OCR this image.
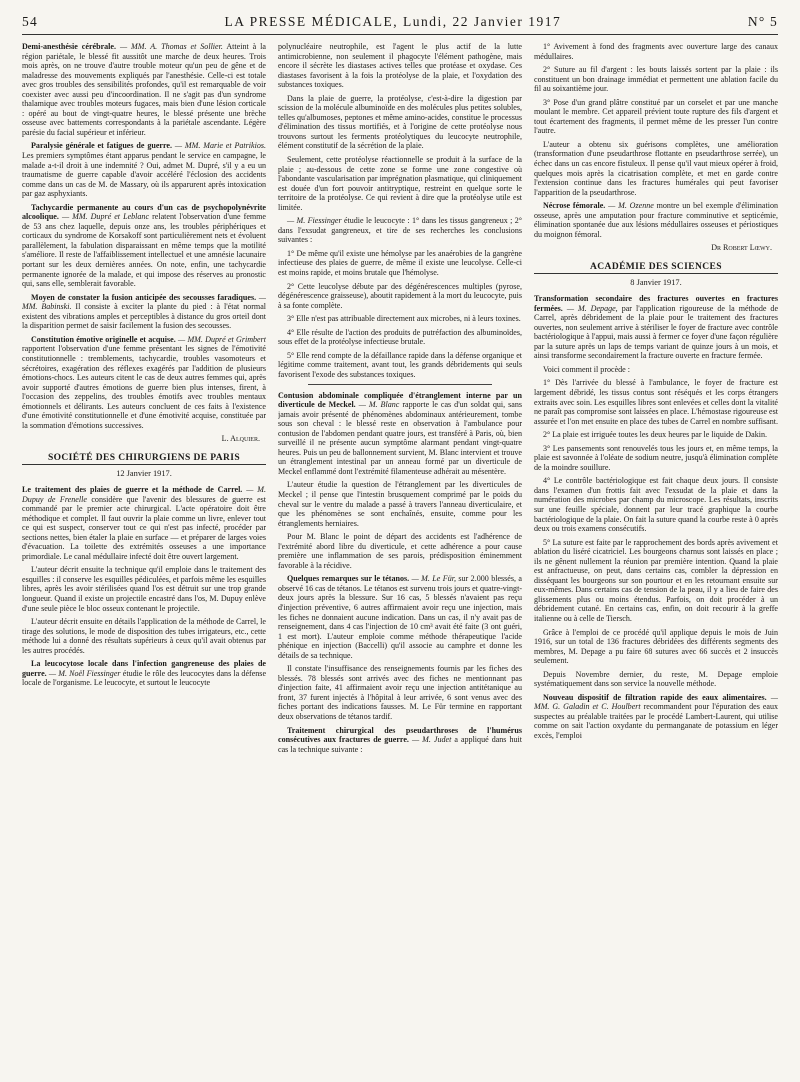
54	LA PRESSE MÉDICALE, Lundi, 22 Janvier 1917	N° 5

Demi-anesthésie cérébrale. — MM. A. Thomas et Sollier. Atteint à la région pariétale, le blessé fit aussitôt une marche de deux heures. Trois mois après, on ne trouve d'autre trouble moteur qu'un peu de gêne et de maladresse des mouvements expliqués par l'anesthésie. Celle-ci est totale avec gros troubles des sensibilités profondes, qu'il est remarquable de voir coexister avec aussi peu d'incoordination. Il ne s'agit pas d'un syndrome thalamique avec troubles moteurs fugaces, mais bien d'une lésion corticale : opéré au bout de vingt-quatre heures, le blessé présente une brèche osseuse avec battements correspondants à la pariétale ascendante. Légère parésie du facial supérieur et inférieur.

Paralysie générale et fatigues de guerre. — MM. Marie et Patrikios. Les premiers symptômes étant apparus pendant le service en campagne, le malade a-t-il droit à une indemnité ? Oui, admet M. Dupré, s'il y a eu un traumatisme de guerre capable d'avoir accéléré l'éclosion des accidents comme dans un cas de M. de Massary, où ils apparurent après intoxication par gaz asphyxiants.

Tachycardie permanente au cours d'un cas de psychopolynévrite alcoolique. — MM. Dupré et Leblanc relatent l'observation d'une femme de 53 ans chez laquelle, depuis onze ans, les troubles périphériques et corticaux du syndrome de Korsakoff sont particulièrement nets et évoluent parallèlement, la fabulation disparaissant en même temps que la motilité s'améliore. Il reste de l'affaiblissement intellectuel et une amnésie lacunaire portant sur les deux dernières années. On note, enfin, une tachycardie permanente ignorée de la malade, et qui impose des réserves au pronostic qui, sans elle, semblerait favorable.

Moyen de constater la fusion anticipée des secousses faradiques. — MM. Babinski. Il consiste à exciter la plante du pied : à l'état normal existent des vibrations amples et perceptibles à distance du gros orteil dont la disparition permet de saisir facilement la fusion des secousses.

Constitution émotive originelle et acquise. — MM. Dupré et Grimbert rapportent l'observation d'une femme présentant les signes de l'émotivité constitutionnelle : tremblements, tachycardie, troubles vasomoteurs et sécrétoires, exagération des réflexes exagérés par l'addition de plusieurs émotions-chocs. Les auteurs citent le cas de deux autres femmes qui, après avoir supporté d'autres émotions de guerre bien plus intenses, firent, à l'occasion des zeppelins, des troubles émotifs avec troubles mentaux émotionnels et délirants. Les auteurs concluent de ces faits à l'existence d'une émotivité constitutionnelle et d'une émotivité acquise, constituée par la sommation d'émotions successives.

L. Alquier.
SOCIÉTÉ DES CHIRURGIENS DE PARIS
12 Janvier 1917.

Le traitement des plaies de guerre et la méthode de Carrel. — M. Dupuy de Frenelle considère que l'avenir des blessures de guerre est commandé par le premier acte chirurgical. L'acte opératoire doit être méthodique et complet. Il faut ouvrir la plaie comme un livre, enlever tout ce qui est suspect, conserver tout ce qui n'est pas infecté, procéder par sections nettes, bien étaler la plaie en surface — et préparer de larges voies d'évacuation. La toilette des extrémités osseuses a une importance primordiale. Le canal médullaire infecté doit être ouvert largement.

L'auteur décrit ensuite la technique qu'il emploie dans le traitement des esquilles : il conserve les esquilles pédiculées, et parfois même les esquilles libres, après les avoir stérilisées quand l'os est détruit sur une trop grande longueur. Quand il existe un projectile encastré dans l'os, M. Dupuy enlève d'une seule pièce le bloc osseux contenant le projectile.

L'auteur décrit ensuite en détails l'application de la méthode de Carrel, le tirage des solutions, le mode de disposition des tubes irrigateurs, etc., cette méthode lui a donné des résultats supérieurs à ceux qu'il avait obtenus par les autres procédés.

La leucocytose locale dans l'infection gangreneuse des plaies de guerre. — M. Noël Fiessinger étudie le rôle des leucocytes dans la défense locale de l'organisme. Le leucocyte, et surtout le leucocyte

polynucléaire neutrophile, est l'agent le plus actif de la lutte antimicrobienne, non seulement il phagocyte l'élément pathogène, mais encore il sécrète les diastases actives telles que protéase et oxydase. Ces diastases favorisent à la fois la protéolyse de la plaie, et l'oxydation des substances toxiques.

Dans la plaie de guerre, la protéolyse, c'est-à-dire la digestion par scission de la molécule albuminoïde en des molécules plus petites solubles, telles qu'albumoses, peptones et même amino-acides, constitue le processus d'élimination des tissus mortifiés, et à l'origine de cette protéolyse nous trouvons surtout les ferments protéolytiques du leucocyte neutrophile, élément constitutif de la sécrétion de la plaie.

Seulement, cette protéolyse réactionnelle se produit à la surface de la plaie ; au-dessous de cette zone se forme une zone congestive où l'abondante vascularisation par imprégnation plasmatique, qui cliniquement est douée d'un fort pouvoir antitryptique, restreint en quelque sorte le territoire de la protéolyse. Ce qui revient à dire que la protéolyse utile est limitée.

— M. Fiessinger étudie le leucocyte : 1° dans les tissus gangreneux ; 2° dans l'exsudat gangreneux, et tire de ses recherches les conclusions suivantes :

1° De même qu'il existe une hémolyse par les anaérobies de la gangrène infectieuse des plaies de guerre, de même il existe une leucolyse. Celle-ci est moins rapide, et moins brutale que l'hémolyse.

2° Cette leucolyse débute par des dégénérescences multiples (pyrose, dégénérescence graisseuse), aboutit rapidement à la mort du leucocyte, puis à sa fonte complète.

3° Elle n'est pas attribuable directement aux microbes, ni à leurs toxines.

4° Elle résulte de l'action des produits de putréfaction des albuminoïdes, sous effet de la protéolyse infectieuse brutale.

5° Elle rend compte de la défaillance rapide dans la défense organique et légitime comme traitement, avant tout, les grands débridements qui seuls favorisent l'exode des substances toxiques.

Contusion abdominale compliquée d'étranglement interne par un diverticule de Meckel. — M. Blanc rapporte le cas d'un soldat qui, sans jamais avoir présenté de phénomènes abdominaux antérieurement, tombe sous son cheval : le blessé reste en observation à l'ambulance pour contusion de l'abdomen pendant quatre jours, est transféré à Paris, où, bien surveillé il ne présente aucun symptôme alarmant pendant vingt-quatre heures. Puis un peu de ballonnement survient, M. Blanc intervient et trouve un étranglement intestinal par un anneau formé par un diverticule de Meckel enflammé dont l'extrémité filamenteuse adhérait au mésentère.

L'auteur étudie la question de l'étranglement par les diverticules de Meckel ; il pense que l'intestin brusquement comprimé par le poids du cheval sur le ventre du malade a passé à travers l'anneau diverticulaire, et que les phénomènes se sont enchaînés, ensuite, comme pour les étranglements herniaires.

Pour M. Blanc le point de départ des accidents est l'adhérence de l'extrémité abord libre du diverticule, et cette adhérence a pour cause première une inflammation de ses parois, prédisposition éminemment favorable à la récidive.

Quelques remarques sur le tétanos. — M. Le Für, sur 2.000 blessés, a observé 16 cas de tétanos. Le tétanos est survenu trois jours et quatre-vingt-deux jours après la blessure. Sur 16 cas, 5 blessés n'avaient pas reçu d'injection préventive, 6 autres affirmaient avoir reçu une injection, mais les fiches ne donnaient aucune indication. Dans un cas, il n'y avait pas de renseignement, dans 4 cas l'injection de 10 cm³ avait été faite (3 ont guéri, 1 est mort). L'auteur emploie comme méthode thérapeutique l'acide phénique en injection (Baccelli) qu'il associe au camphre et donne les détails de sa technique.

Il constate l'insuffisance des renseignements fournis par les fiches des blessés. 78 blessés sont arrivés avec des fiches ne mentionnant pas d'injection faite, 41 affirmaient avoir reçu une injection antitétanique au front, 37 furent injectés à l'hôpital à leur arrivée, 6 sont venus avec des fiches portant des indications fausses. M. Le Für termine en rapportant deux observations de tétanos tardif.

Traitement chirurgical des pseudarthroses de l'humérus consécutives aux fractures de guerre. — M. Judet a appliqué dans huit cas la technique suivante :

1° Avivement à fond des fragments avec ouverture large des canaux médullaires.

2° Suture au fil d'argent : les bouts laissés sortent par la plaie : ils constituent un bon drainage immédiat et permettent une ablation facile du fil au soixantième jour.

3° Pose d'un grand plâtre constitué par un corselet et par une manche moulant le membre. Cet appareil prévient toute rupture des fils d'argent et tout écartement des fragments, il permet même de les presser l'un contre l'autre.

L'auteur a obtenu six guérisons complètes, une amélioration (transformation d'une pseudarthrose flottante en pseudarthrose serrée), un échec dans un cas encore fistuleux. Il pense qu'il vaut mieux opérer à froid, quelques mois après la cicatrisation complète, et met en garde contre l'extension continue dans les fractures humérales qui peut favoriser l'apparition de la pseudarthrose.

Nécrose fémorale. — M. Ozenne montre un bel exemple d'élimination osseuse, après une amputation pour fracture comminutive et septicémie, élimination spontanée due aux lésions médullaires osseuses et périostiques du moignon fémoral.

Dr Robert Lœwy.
ACADÉMIE DES SCIENCES
8 Janvier 1917.

Transformation secondaire des fractures ouvertes en fractures fermées. — M. Depage, par l'application rigoureuse de la méthode de Carrel, après débridement de la plaie pour le traitement des fractures ouvertes, non seulement arrive à stériliser le foyer de fracture avec contrôle bactériologique à l'appui, mais aussi à fermer ce foyer d'une façon régulière par la suture après un laps de temps variant de quinze jours à un mois, et ainsi transforme secondairement la fracture ouverte en fracture fermée.

Voici comment il procède :

1° Dès l'arrivée du blessé à l'ambulance, le foyer de fracture est largement débridé, les tissus contus sont réséqués et les corps étrangers extraits avec soin. Les esquilles libres sont enlevées et celles dont la vitalité ne paraît pas compromise sont laissées en place. L'hémostase rigoureuse est assurée et l'on met ensuite en place des tubes de Carrel en nombre suffisant.

2° La plaie est irriguée toutes les deux heures par le liquide de Dakin.

3° Les pansements sont renouvelés tous les jours et, en même temps, la plaie est savonnée à l'oléate de sodium neutre, jusqu'à élimination complète de la moindre souillure.

4° Le contrôle bactériologique est fait chaque deux jours. Il consiste dans l'examen d'un frottis fait avec l'exsudat de la plaie et dans la numération des microbes par champ du microscope. Les résultats, inscrits sur une feuille spéciale, donnent par leur tracé graphique la courbe bactériologique de la plaie. On fait la suture quand la courbe reste à 0 après deux ou trois examens consécutifs.

5° La suture est faite par le rapprochement des bords après avivement et ablation du liséré cicatriciel. Les bourgeons charnus sont laissés en place ; ils ne gênent nullement la réunion par première intention. Quand la plaie est anfractueuse, on peut, dans certains cas, combler la dépression en disséquant les bourgeons sur son pourtour et en les retournant ensuite sur eux-mêmes. Dans certains cas de tension de la peau, il y a lieu de faire des glissements plus ou moins étendus. Parfois, on doit procéder à un débridement cutané. En certains cas, enfin, on doit recourir à la greffe italienne ou à celle de Tiersch.

Grâce à l'emploi de ce procédé qu'il applique depuis le mois de Juin 1916, sur un total de 136 fractures débridées des différents segments des membres, M. Depage a pu faire 68 sutures avec 66 succès et 2 insuccès seulement.

Depuis Novembre dernier, du reste, M. Depage emploie systématiquement dans son service la nouvelle méthode.

Nouveau dispositif de filtration rapide des eaux alimentaires. — MM. G. Galadin et C. Houlbert recommandent pour l'épuration des eaux suspectes au préalable traitées par le procédé Lambert-Laurent, qui utilise comme on sait l'action oxydante du permanganate de potassium en léger excès, l'emploi
